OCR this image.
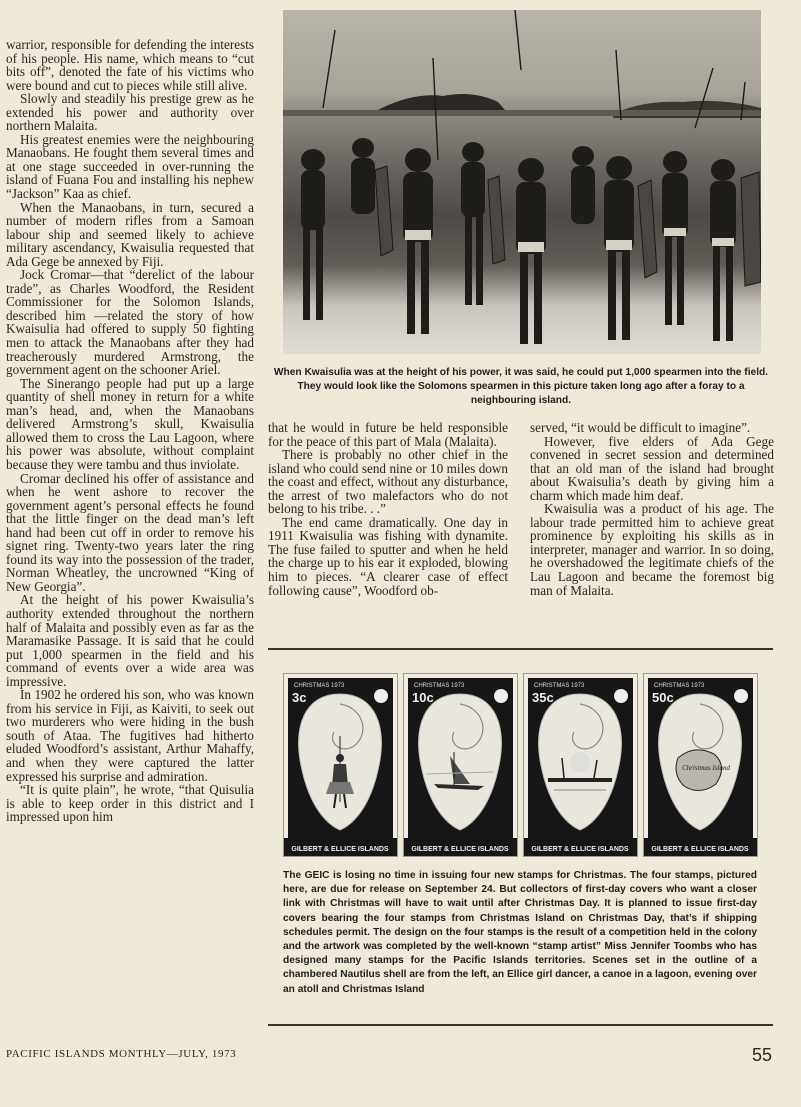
warrior, responsible for defending the interests of his people. His name, which means to “cut bits off”, denoted the fate of his victims who were bound and cut to pieces while still alive.

Slowly and steadily his prestige grew as he extended his power and authority over northern Malaita.

His greatest enemies were the neighbouring Manaobans. He fought them several times and at one stage succeeded in over-running the island of Fuana Fou and installing his nephew “Jackson” Kaa as chief.

When the Manaobans, in turn, secured a number of modern rifles from a Samoan labour ship and seemed likely to achieve military ascendancy, Kwaisulia requested that Ada Gege be annexed by Fiji.

Jock Cromar—that “derelict of the labour trade”, as Charles Woodford, the Resident Commissioner for the Solomon Islands, described him —related the story of how Kwaisulia had offered to supply 50 fighting men to attack the Manaobans after they had treacherously murdered Armstrong, the government agent on the schooner Ariel.

The Sinerango people had put up a large quantity of shell money in return for a white man’s head, and, when the Manaobans delivered Armstrong’s skull, Kwaisulia allowed them to cross the Lau Lagoon, where his power was absolute, without complaint because they were tambu and thus inviolate.

Cromar declined his offer of assistance and when he went ashore to recover the government agent’s personal effects he found that the little finger on the dead man’s left hand had been cut off in order to remove his signet ring. Twenty-two years later the ring found its way into the possession of the trader, Norman Wheatley, the uncrowned “King of New Georgia”.

At the height of his power Kwaisulia’s authority extended throughout the northern half of Malaita and possibly even as far as the Maramasike Passage. It is said that he could put 1,000 spearmen in the field and his command of events over a wide area was impressive.

In 1902 he ordered his son, who was known from his service in Fiji, as Kaiviti, to seek out two murderers who were hiding in the bush south of Ataa. The fugitives had hitherto eluded Woodford’s assistant, Arthur Mahaffy, and when they were captured the latter expressed his surprise and admiration.

“It is quite plain”, he wrote, “that Quisulia is able to keep order in this district and I impressed upon him

When Kwaisulia was at the height of his power, it was said, he could put 1,000 spearmen into the field. They would look like the Solomons spearmen in this picture taken long ago after a foray to a neighbouring island.

that he would in future be held responsible for the peace of this part of Mala (Malaita).

There is probably no other chief in the island who could send nine or 10 miles down the coast and effect, without any disturbance, the arrest of two malefactors who do not belong to his tribe. . .”

The end came dramatically. One day in 1911 Kwaisulia was fishing with dynamite. The fuse failed to sputter and when he held the charge up to his ear it exploded, blowing him to pieces. “A clearer case of effect following cause”, Woodford ob-

served, “it would be difficult to imagine”.

However, five elders of Ada Gege convened in secret session and determined that an old man of the island had brought about Kwaisulia’s death by giving him a charm which made him deaf.

Kwaisulia was a product of his age. The labour trade permitted him to achieve great prominence by exploiting his skills as in interpreter, manager and warrior. In so doing, he overshadowed the legitimate chiefs of the Lau Lagoon and became the foremost big man of Malaita.

CHRISTMAS 1973
3c
GILBERT & ELLICE ISLANDS
CHRISTMAS 1973
10c
GILBERT & ELLICE ISLANDS
CHRISTMAS 1973
35c
GILBERT & ELLICE ISLANDS
CHRISTMAS 1973
50c
Christmas Island
GILBERT & ELLICE ISLANDS
The GEIC is losing no time in issuing four new stamps for Christmas. The four stamps, pictured here, are due for release on September 24. But collectors of first-day covers who want a closer link with Christmas will have to wait until after Christmas Day. It is planned to issue first-day covers bearing the four stamps from Christmas Island on Christmas Day, that’s if shipping schedules permit. The design on the four stamps is the result of a competition held in the colony and the artwork was completed by the well-known “stamp artist” Miss Jennifer Toombs who has designed many stamps for the Pacific Islands territories. Scenes set in the outline of a chambered Nautilus shell are from the left, an Ellice girl dancer, a canoe in a lagoon, evening over an atoll and Christmas Island
PACIFIC ISLANDS MONTHLY—JULY, 1973	55
